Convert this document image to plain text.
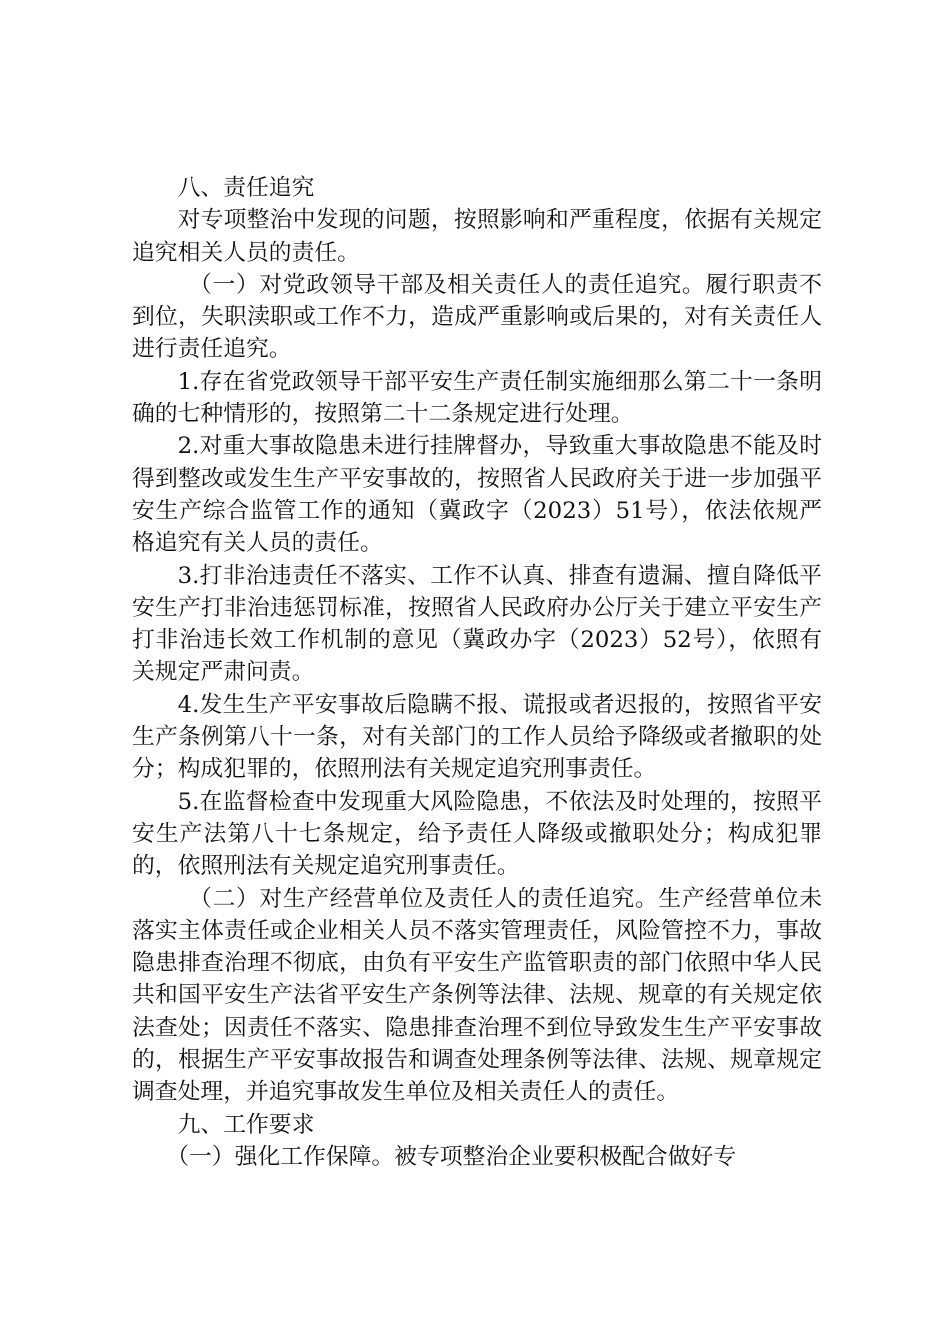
八、责任追究

对专项整治中发现的问题，按照影响和严重程度，依据有关规定追究相关人员的责任。

（一）对党政领导干部及相关责任人的责任追究。履行职责不到位，失职渎职或工作不力，造成严重影响或后果的，对有关责任人进行责任追究。

1.存在省党政领导干部平安生产责任制实施细那么第二十一条明确的七种情形的，按照第二十二条规定进行处理。

2.对重大事故隐患未进行挂牌督办，导致重大事故隐患不能及时得到整改或发生生产平安事故的，按照省人民政府关于进一步加强平安生产综合监管工作的通知（冀政字（2023）51号），依法依规严格追究有关人员的责任。

3.打非治违责任不落实、工作不认真、排查有遗漏、擅自降低平安生产打非治违惩罚标准，按照省人民政府办公厅关于建立平安生产打非治违长效工作机制的意见（冀政办字（2023）52号），依照有关规定严肃问责。

4.发生生产平安事故后隐瞒不报、谎报或者迟报的，按照省平安生产条例第八十一条，对有关部门的工作人员给予降级或者撤职的处分；构成犯罪的，依照刑法有关规定追究刑事责任。

5.在监督检查中发现重大风险隐患，不依法及时处理的，按照平安生产法第八十七条规定，给予责任人降级或撤职处分；构成犯罪的，依照刑法有关规定追究刑事责任。

（二）对生产经营单位及责任人的责任追究。生产经营单位未落实主体责任或企业相关人员不落实管理责任，风险管控不力，事故隐患排查治理不彻底，由负有平安生产监管职责的部门依照中华人民共和国平安生产法省平安生产条例等法律、法规、规章的有关规定依法查处；因责任不落实、隐患排查治理不到位导致发生生产平安事故的，根据生产平安事故报告和调查处理条例等法律、法规、规章规定调查处理，并追究事故发生单位及相关责任人的责任。

九、工作要求

（一）强化工作保障。被专项整治企业要积极配合做好专
